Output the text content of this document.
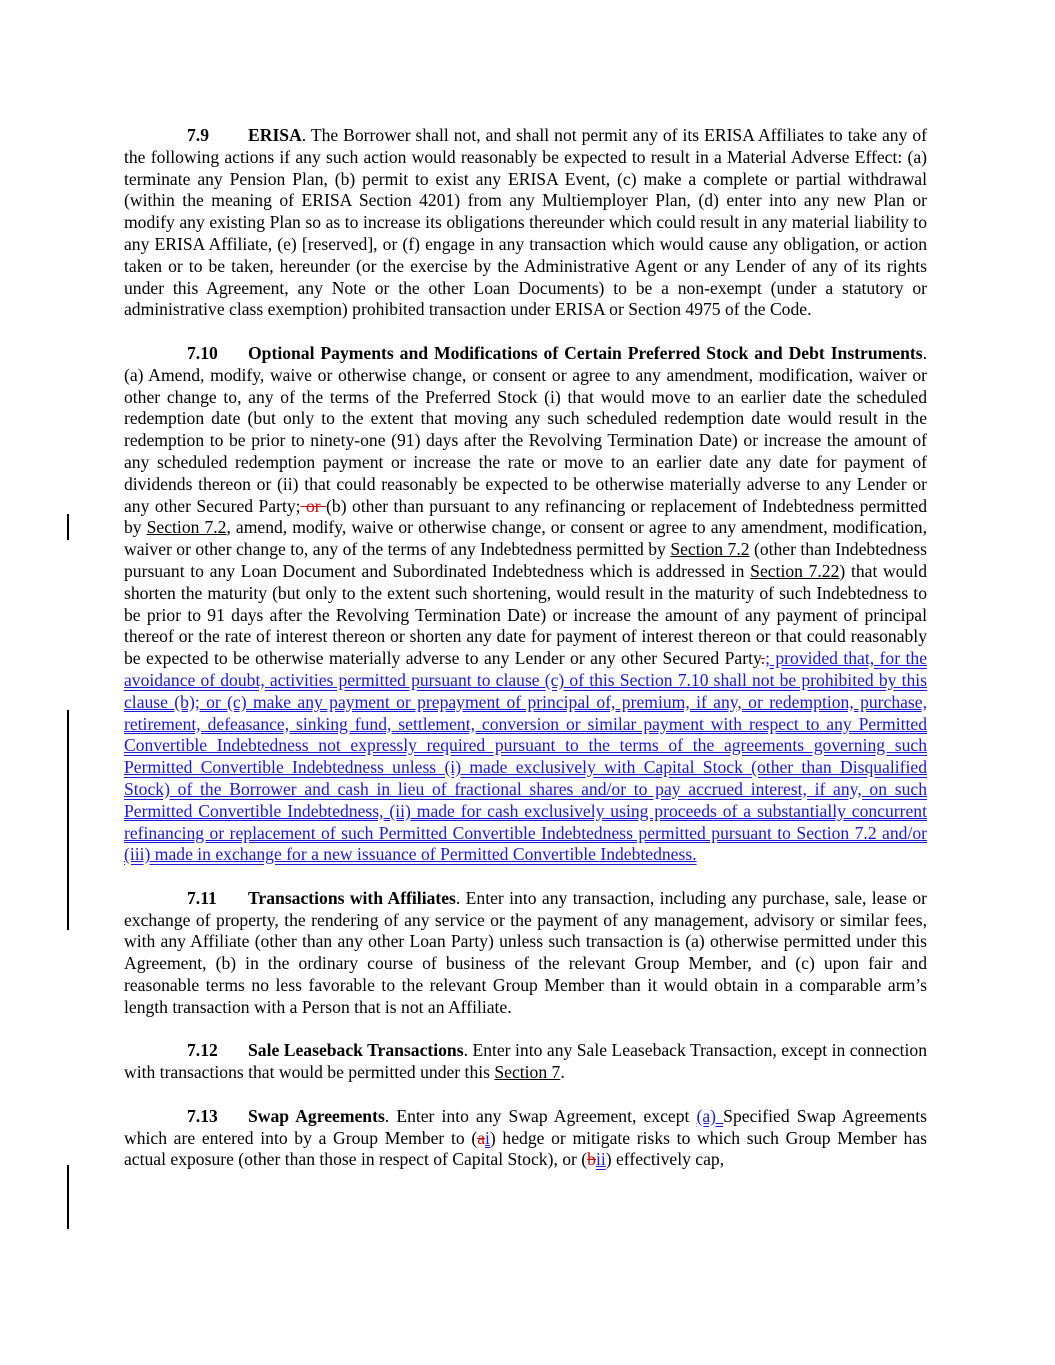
7.9 ERISA. The Borrower shall not, and shall not permit any of its ERISA Affiliates to take any of the following actions if any such action would reasonably be expected to result in a Material Adverse Effect: (a) terminate any Pension Plan, (b) permit to exist any ERISA Event, (c) make a complete or partial withdrawal (within the meaning of ERISA Section 4201) from any Multiemployer Plan, (d) enter into any new Plan or modify any existing Plan so as to increase its obligations thereunder which could result in any material liability to any ERISA Affiliate, (e) [reserved], or (f) engage in any transaction which would cause any obligation, or action taken or to be taken, hereunder (or the exercise by the Administrative Agent or any Lender of any of its rights under this Agreement, any Note or the other Loan Documents) to be a non-exempt (under a statutory or administrative class exemption) prohibited transaction under ERISA or Section 4975 of the Code.

7.10 Optional Payments and Modifications of Certain Preferred Stock and Debt Instruments. (a) Amend, modify, waive or otherwise change, or consent or agree to any amendment, modification, waiver or other change to, any of the terms of the Preferred Stock (i) that would move to an earlier date the scheduled redemption date (but only to the extent that moving any such scheduled redemption date would result in the redemption to be prior to ninety-one (91) days after the Revolving Termination Date) or increase the amount of any scheduled redemption payment or increase the rate or move to an earlier date any date for payment of dividends thereon or (ii) that could reasonably be expected to be otherwise materially adverse to any Lender or any other Secured Party; or (b) other than pursuant to any refinancing or replacement of Indebtedness permitted by Section 7.2, amend, modify, waive or otherwise change, or consent or agree to any amendment, modification, waiver or other change to, any of the terms of any Indebtedness permitted by Section 7.2 (other than Indebtedness pursuant to any Loan Document and Subordinated Indebtedness which is addressed in Section 7.22) that would shorten the maturity (but only to the extent such shortening, would result in the maturity of such Indebtedness to be prior to 91 days after the Revolving Termination Date) or increase the amount of any payment of principal thereof or the rate of interest thereon or shorten any date for payment of interest thereon or that could reasonably be expected to be otherwise materially adverse to any Lender or any other Secured Party.; provided that, for the avoidance of doubt, activities permitted pursuant to clause (c) of this Section 7.10 shall not be prohibited by this clause (b); or (c) make any payment or prepayment of principal of, premium, if any, or redemption, purchase, retirement, defeasance, sinking fund, settlement, conversion or similar payment with respect to any Permitted Convertible Indebtedness not expressly required pursuant to the terms of the agreements governing such Permitted Convertible Indebtedness unless (i) made exclusively with Capital Stock (other than Disqualified Stock) of the Borrower and cash in lieu of fractional shares and/or to pay accrued interest, if any, on such Permitted Convertible Indebtedness, (ii) made for cash exclusively using proceeds of a substantially concurrent refinancing or replacement of such Permitted Convertible Indebtedness permitted pursuant to Section 7.2 and/or (iii) made in exchange for a new issuance of Permitted Convertible Indebtedness.

7.11 Transactions with Affiliates. Enter into any transaction, including any purchase, sale, lease or exchange of property, the rendering of any service or the payment of any management, advisory or similar fees, with any Affiliate (other than any other Loan Party) unless such transaction is (a) otherwise permitted under this Agreement, (b) in the ordinary course of business of the relevant Group Member, and (c) upon fair and reasonable terms no less favorable to the relevant Group Member than it would obtain in a comparable arm’s length transaction with a Person that is not an Affiliate.

7.12 Sale Leaseback Transactions. Enter into any Sale Leaseback Transaction, except in connection with transactions that would be permitted under this Section 7.

7.13 Swap Agreements. Enter into any Swap Agreement, except (a) Specified Swap Agreements which are entered into by a Group Member to (ai) hedge or mitigate risks to which such Group Member has actual exposure (other than those in respect of Capital Stock), or (bii) effectively cap,
